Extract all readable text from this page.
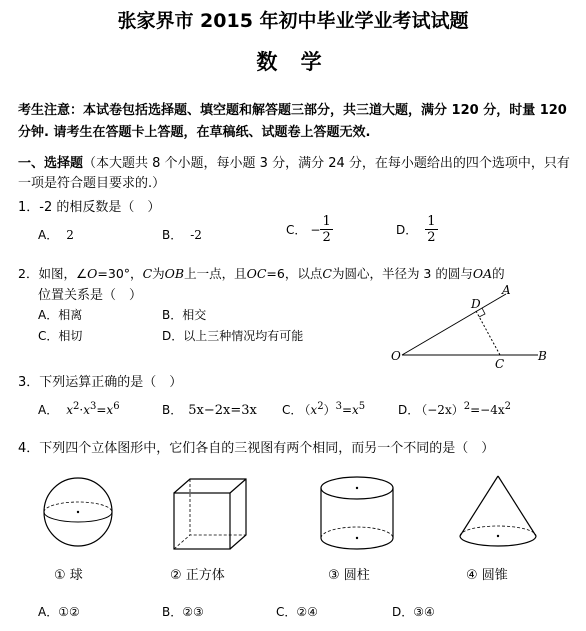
张家界市 2015 年初中毕业学业考试试题
数 学
考生注意：本试卷包括选择题、填空题和解答题三部分，共三道大题，满分 120 分，时量 120 分钟. 请考生在答题卡上答题，在草稿纸、试题卷上答题无效.
一、选择题（本大题共 8 个小题，每小题 3 分，满分 24 分，在每小题给出的四个选项中，只有一项是符合题目要求的.）
1．-2 的相反数是（　）
A． 2	B． -2	C． − $\frac{1}{2}$	D． $\frac{1}{2}$
2．如图，∠O=30°，C为OB上一点，且OC=6，以点C为圆心，半径为 3 的圆与OA的
位置关系是（　）
A．相离	B．相交
C．相切	D．以上三种情况均有可能
O
A
B
C
D
3．下列运算正确的是（　）
A． $x^2\cdot x^3=x^6$	B． 5x−2x=3x C． $(x^2)^3=x^5$	D． $(-2x)^2=-4x^2$
4．下列四个立体图形中，它们各自的三视图有两个相同，而另一个不同的是（　）
① 球	② 正方体	③ 圆柱	④ 圆锥
A．①②	B．②③	C．②④	D．③④
